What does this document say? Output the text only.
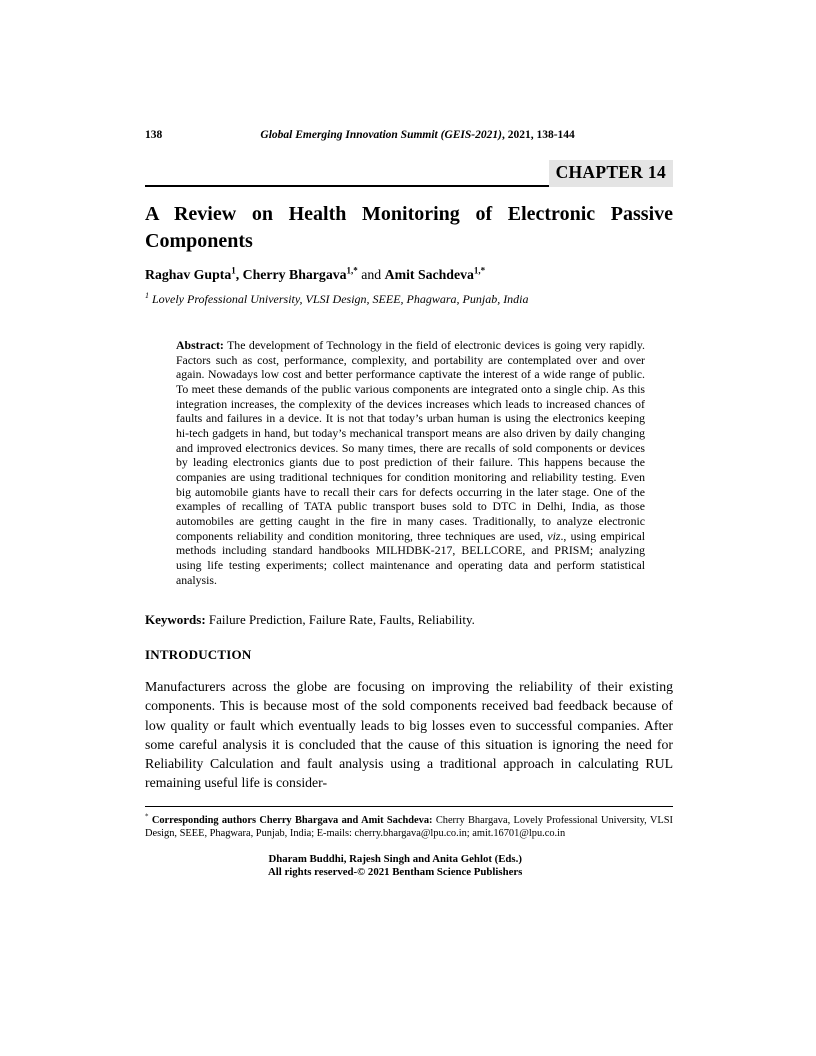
138	Global Emerging Innovation Summit (GEIS-2021), 2021, 138-144
CHAPTER 14
A Review on Health Monitoring of Electronic Passive Components

Raghav Gupta$^1$, Cherry Bhargava$^{1,*}$ and Amit Sachdeva$^{1,*}$

$^1$ Lovely Professional University, VLSI Design, SEEE, Phagwara, Punjab, India

Abstract: The development of Technology in the field of electronic devices is going very rapidly. Factors such as cost, performance, complexity, and portability are contemplated over and over again. Nowadays low cost and better performance captivate the interest of a wide range of public. To meet these demands of the public various components are integrated onto a single chip. As this integration increases, the complexity of the devices increases which leads to increased chances of faults and failures in a device. It is not that today’s urban human is using the electronics keeping hi-tech gadgets in hand, but today’s mechanical transport means are also driven by daily changing and improved electronics devices. So many times, there are recalls of sold components or devices by leading electronics giants due to post prediction of their failure. This happens because the companies are using traditional techniques for condition monitoring and reliability testing. Even big automobile giants have to recall their cars for defects occurring in the later stage. One of the examples of recalling of TATA public transport buses sold to DTC in Delhi, India, as those automobiles are getting caught in the fire in many cases. Traditionally, to analyze electronic components reliability and condition monitoring, three techniques are used, viz., using empirical methods including standard handbooks MILHDBK-217, BELLCORE, and PRISM; analyzing using life testing experiments; collect maintenance and operating data and perform statistical analysis.

Keywords: Failure Prediction, Failure Rate, Faults, Reliability.

INTRODUCTION

Manufacturers across the globe are focusing on improving the reliability of their existing components. This is because most of the sold components received bad feedback because of low quality or fault which eventually leads to big losses even to successful companies. After some careful analysis it is concluded that the cause of this situation is ignoring the need for Reliability Calculation and fault analysis using a traditional approach in calculating RUL remaining useful life is consider-

* Corresponding authors Cherry Bhargava and Amit Sachdeva: Cherry Bhargava, Lovely Professional University, VLSI Design, SEEE, Phagwara, Punjab, India; E-mails: cherry.bhargava@lpu.co.in; amit.16701@lpu.co.in

Dharam Buddhi, Rajesh Singh and Anita Gehlot (Eds.)
All rights reserved-© 2021 Bentham Science Publishers
